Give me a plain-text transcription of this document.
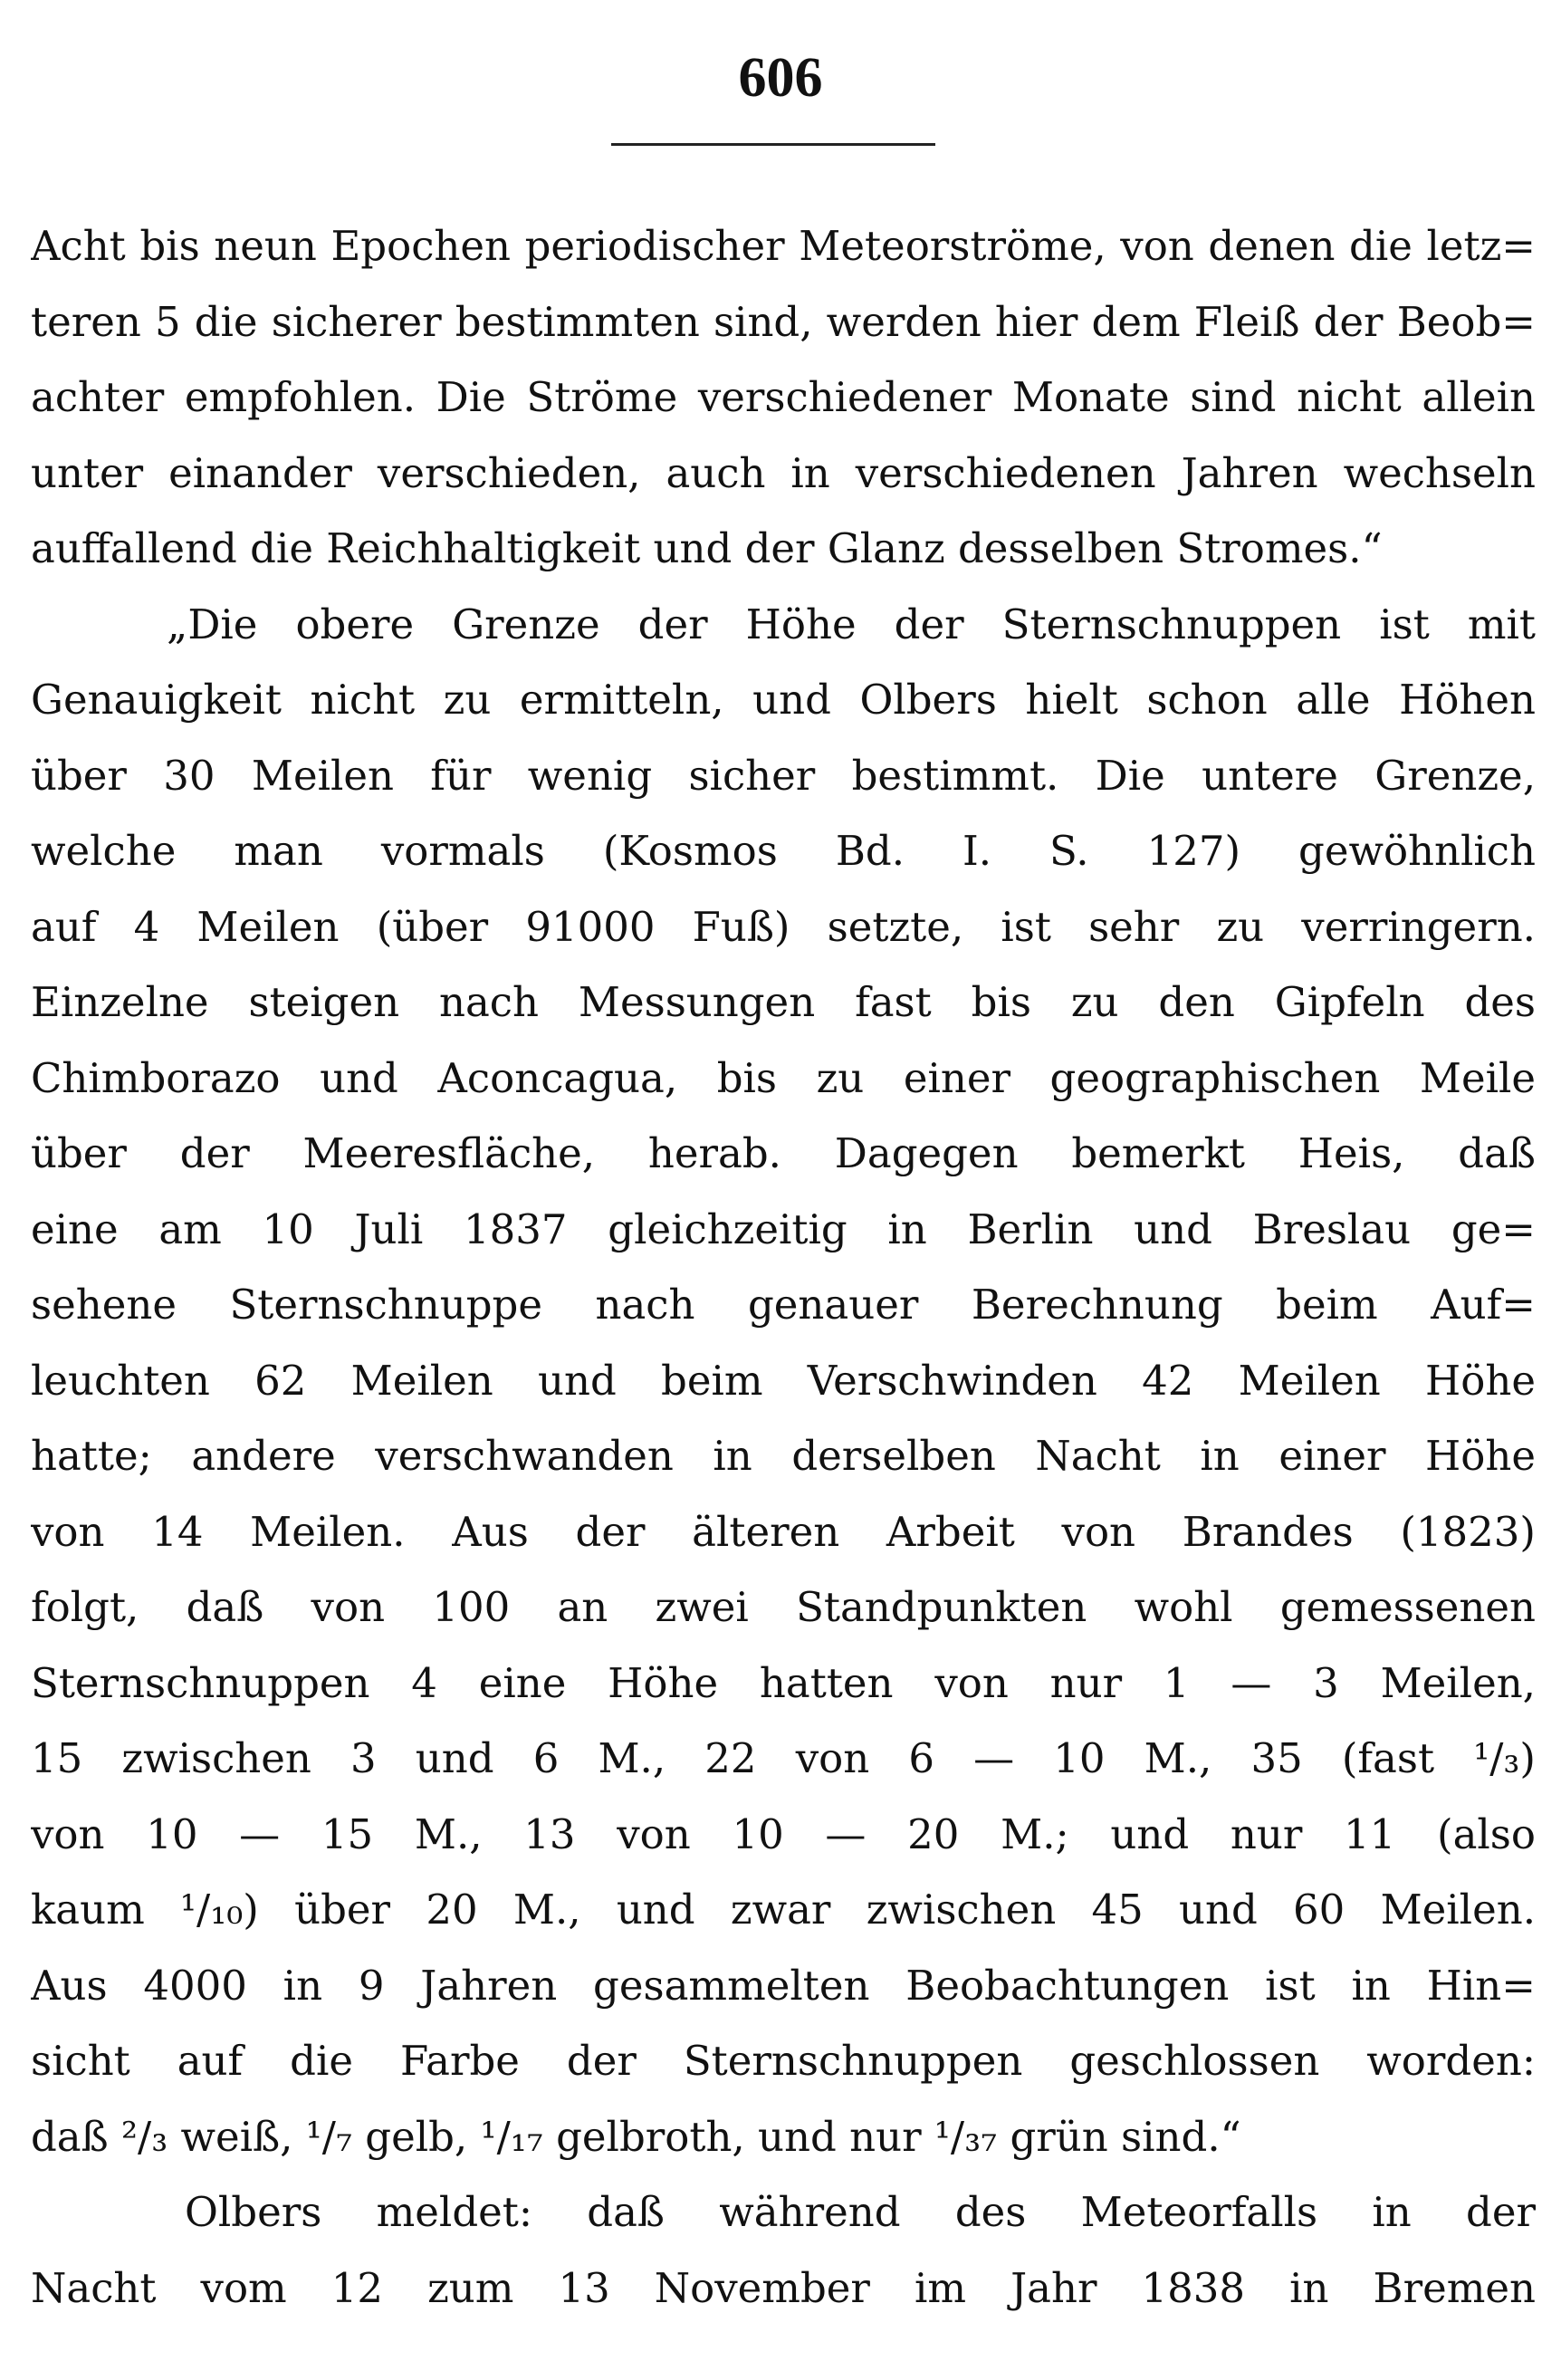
606
Acht bis neun Epochen periodischer Meteorströme, von denen die letz=
teren 5 die sicherer bestimmten sind, werden hier dem Fleiß der Beob=
achter empfohlen. Die Ströme verschiedener Monate sind nicht allein
unter einander verschieden, auch in verschiedenen Jahren wechseln
auffallend die Reichhaltigkeit und der Glanz desselben Stromes.“
„Die obere Grenze der Höhe der Sternschnuppen ist mit
Genauigkeit nicht zu ermitteln, und Olbers hielt schon alle Höhen
über 30 Meilen für wenig sicher bestimmt. Die untere Grenze,
welche man vormals (Kosmos Bd. I. S. 127) gewöhnlich
auf 4 Meilen (über 91000 Fuß) setzte, ist sehr zu verringern.
Einzelne steigen nach Messungen fast bis zu den Gipfeln des
Chimborazo und Aconcagua, bis zu einer geographischen Meile
über der Meeresfläche, herab. Dagegen bemerkt Heis, daß
eine am 10 Juli 1837 gleichzeitig in Berlin und Breslau ge=
sehene Sternschnuppe nach genauer Berechnung beim Auf=
leuchten 62 Meilen und beim Verschwinden 42 Meilen Höhe
hatte; andere verschwanden in derselben Nacht in einer Höhe
von 14 Meilen. Aus der älteren Arbeit von Brandes (1823)
folgt, daß von 100 an zwei Standpunkten wohl gemessenen
Sternschnuppen 4 eine Höhe hatten von nur 1 — 3 Meilen,
15 zwischen 3 und 6 M., 22 von 6 — 10 M., 35 (fast ¹/₃)
von 10 — 15 M., 13 von 10 — 20 M.; und nur 11 (also
kaum ¹/₁₀) über 20 M., und zwar zwischen 45 und 60 Meilen.
Aus 4000 in 9 Jahren gesammelten Beobachtungen ist in Hin=
sicht auf die Farbe der Sternschnuppen geschlossen worden:
daß ²/₃ weiß, ¹/₇ gelb, ¹/₁₇ gelbroth, und nur ¹/₃₇ grün sind.“
Olbers meldet: daß während des Meteorfalls in der
Nacht vom 12 zum 13 November im Jahr 1838 in Bremen
